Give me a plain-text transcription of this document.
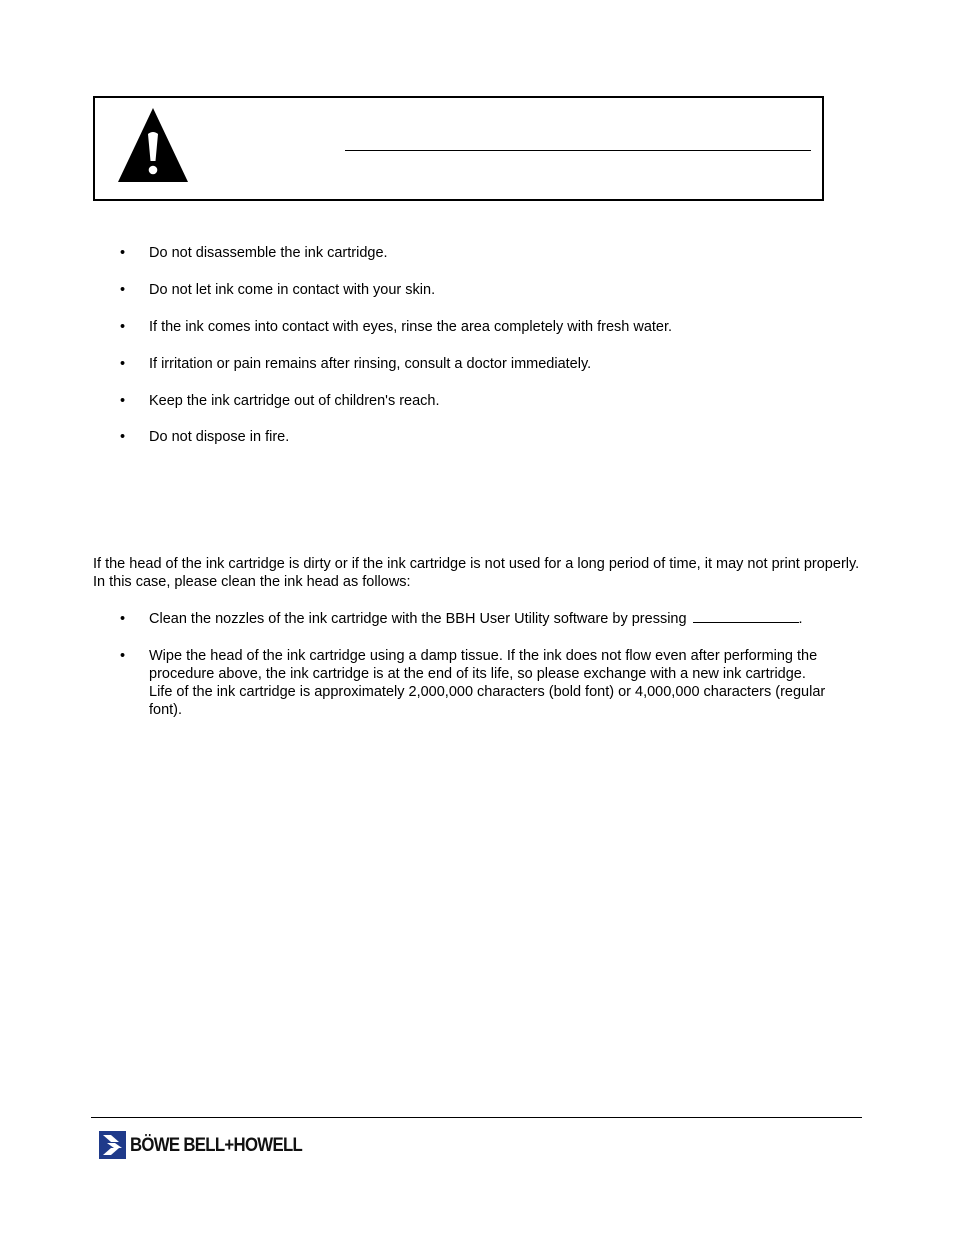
•	Do not disassemble the ink cartridge.
•	Do not let ink come in contact with your skin.
•	If the ink comes into contact with eyes, rinse the area completely with fresh water.
•	If irritation or pain remains after rinsing, consult a doctor immediately.
•	Keep the ink cartridge out of children's reach.
•	Do not dispose in fire.
If the head of the ink cartridge is dirty or if the ink cartridge is not used for a long period of time, it may not print properly. In this case, please clean the ink head as follows:
•	Clean the nozzles of the ink cartridge with the BBH User Utility software by pressing	.
•	Wipe the head of the ink cartridge using a damp tissue. If the ink does not flow even after performing the procedure above, the ink cartridge is at the end of its life, so please exchange with a new ink cartridge. Life of the ink cartridge is approximately 2,000,000 characters (bold font) or 4,000,000 characters (regular font).
BÖWE BELL+HOWELL
